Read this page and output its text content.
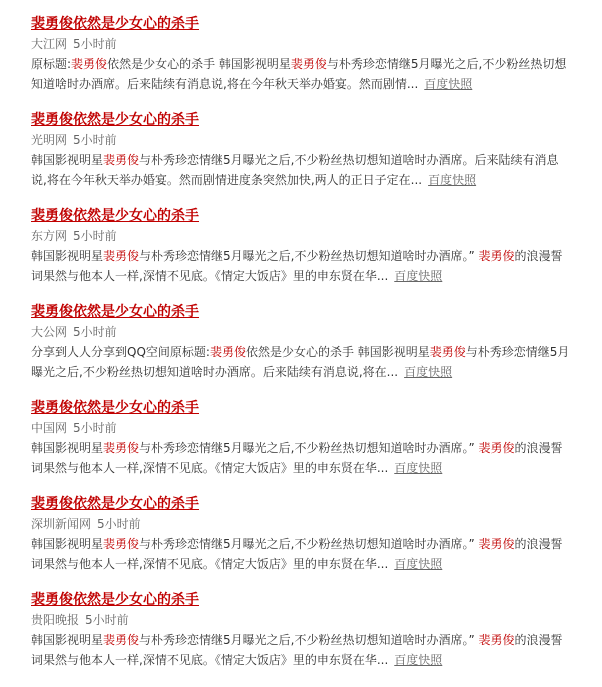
裴勇俊依然是少女心的杀手
大江网 5小时前
原标题:裴勇俊依然是少女心的杀手 韩国影视明星裴勇俊与朴秀珍恋情继5月曝光之后,不少粉丝热切想知道啥时办酒席。后来陆续有消息说,将在今年秋天举办婚宴。然而剧情... 百度快照
裴勇俊依然是少女心的杀手
光明网 5小时前
韩国影视明星裴勇俊与朴秀珍恋情继5月曝光之后,不少粉丝热切想知道啥时办酒席。后来陆续有消息说,将在今年秋天举办婚宴。然而剧情进度条突然加快,两人的正日子定在... 百度快照
裴勇俊依然是少女心的杀手
东方网 5小时前
韩国影视明星裴勇俊与朴秀珍恋情继5月曝光之后,不少粉丝热切想知道啥时办酒席。” 裴勇俊的浪漫誓词果然与他本人一样,深情不见底。《情定大饭店》里的申东贤在华... 百度快照
裴勇俊依然是少女心的杀手
大公网 5小时前
分享到人人分享到QQ空间原标题:裴勇俊依然是少女心的杀手 韩国影视明星裴勇俊与朴秀珍恋情继5月曝光之后,不少粉丝热切想知道啥时办酒席。后来陆续有消息说,将在... 百度快照
裴勇俊依然是少女心的杀手
中国网 5小时前
韩国影视明星裴勇俊与朴秀珍恋情继5月曝光之后,不少粉丝热切想知道啥时办酒席。” 裴勇俊的浪漫誓词果然与他本人一样,深情不见底。《情定大饭店》里的申东贤在华... 百度快照
裴勇俊依然是少女心的杀手
深圳新闻网 5小时前
韩国影视明星裴勇俊与朴秀珍恋情继5月曝光之后,不少粉丝热切想知道啥时办酒席。” 裴勇俊的浪漫誓词果然与他本人一样,深情不见底。《情定大饭店》里的申东贤在华... 百度快照
裴勇俊依然是少女心的杀手
贵阳晚报 5小时前
韩国影视明星裴勇俊与朴秀珍恋情继5月曝光之后,不少粉丝热切想知道啥时办酒席。” 裴勇俊的浪漫誓词果然与他本人一样,深情不见底。《情定大饭店》里的申东贤在华... 百度快照
